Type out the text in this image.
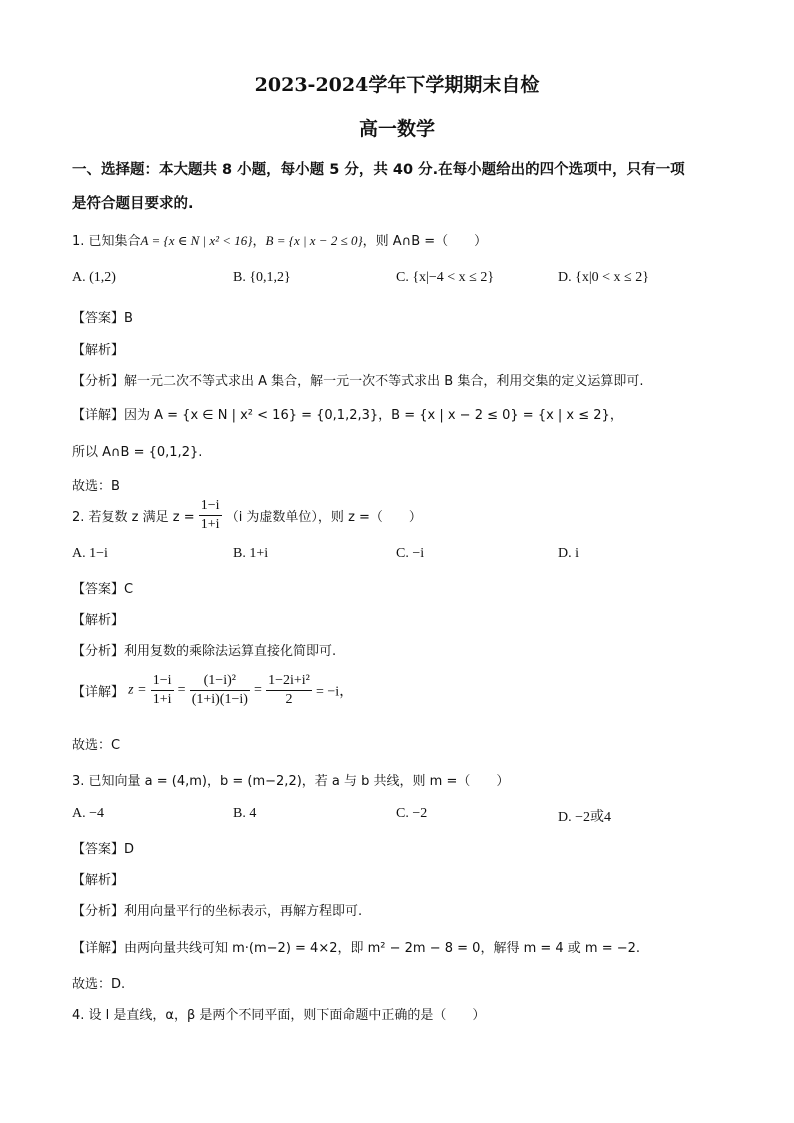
2023-2024学年下学期期末自检
高一数学
一、选择题：本大题共 8 小题，每小题 5 分，共 40 分.在每小题给出的四个选项中，只有一项
是符合题目要求的.
1. 已知集合A = {x ∈ N | x² < 16}，B = {x | x − 2 ≤ 0}，则 A∩B =（　　）
A. (1,2)	B. {0,1,2}	C. {x|−4 < x ≤ 2}	D. {x|0 < x ≤ 2}
【答案】B
【解析】
【分析】解一元二次不等式求出 A 集合，解一元一次不等式求出 B 集合，利用交集的定义运算即可.
【详解】因为 A = {x ∈ N | x² < 16} = {0,1,2,3}，B = {x | x − 2 ≤ 0} = {x | x ≤ 2}，
所以 A∩B = {0,1,2}.
故选：B
2. 若复数 z 满足 $z = \frac{1-i}{1+i} (i$ 为虚数单位），则 z =（　　）
A. 1−i	B. 1+i	C. −i	D. i
【答案】C
【解析】
【分析】利用复数的乘除法运算直接化简即可.
【详解】 $z = \frac{1-i}{1+i} = \frac{\text{(1−i)²}}{(1+i)(1-i)} = \frac{\text{1−2i+i²}}{2} = -i$，
故选：C
3. 已知向量 a = (4,m)，b = (m−2,2)，若 a 与 b 共线，则 m =（　　）
A. −4	B. 4	C. −2	D. −2或4
【答案】D
【解析】
【分析】利用向量平行的坐标表示，再解方程即可.
【详解】由两向量共线可知 m·(m−2) = 4×2，即 m² − 2m − 8 = 0，解得 m = 4 或 m = −2.
故选：D.
4. 设 l 是直线，α，β 是两个不同平面，则下面命题中正确的是（　　）
